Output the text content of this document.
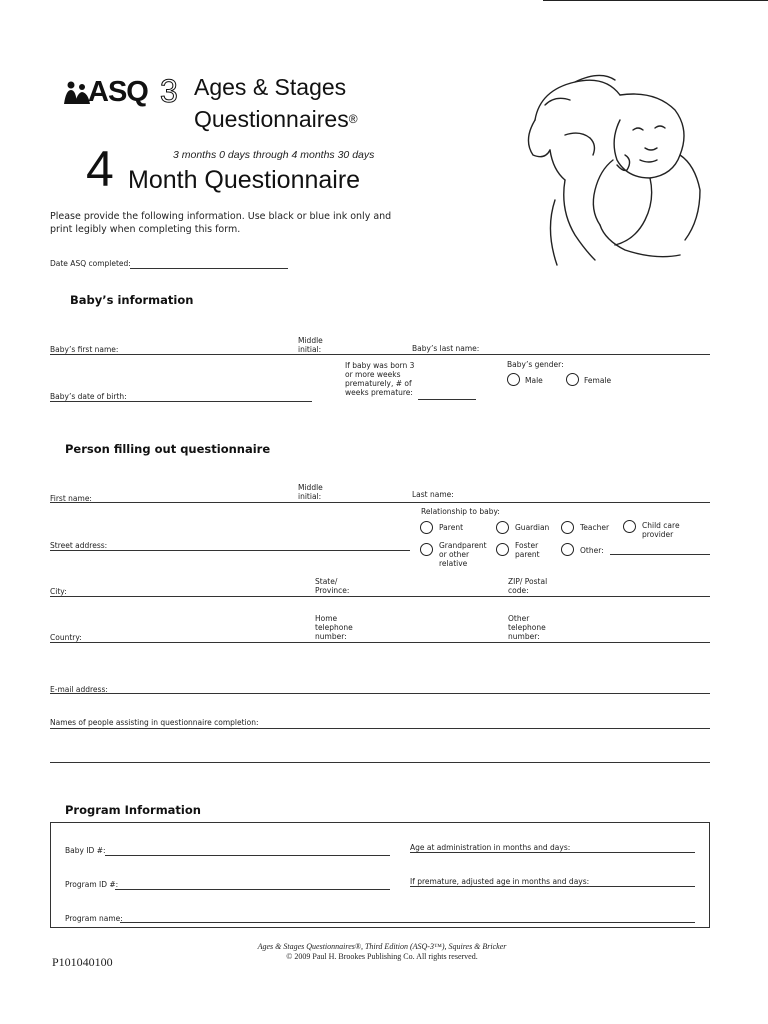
ASQ 3 Ages & Stages
Questionnaires®
4	3 months 0 days through 4 months 30 days
Month Questionnaire
Please provide the following information. Use black or blue ink only and print legibly when completing this form.
Date ASQ completed:
Baby’s information
Baby’s first name:
Middle initial:	Baby’s last name:
If baby was born 3 or more weeks prematurely, # of weeks premature:
Baby’s gender:
Male	Female
Baby’s date of birth:
Person filling out questionnaire
First name:
Middle initial:	Last name:
Relationship to baby:
Parent	Guardian	Teacher	Child care provider
Grandparent or other relative
Foster parent	Other:
Street address:
City:
State/ Province:
ZIP/ Postal code:
Country:
Home telephone number:
Other telephone number:
E-mail address:
Names of people assisting in questionnaire completion:
Program Information
Baby ID #:	Age at administration in months and days:
Program ID #:	If premature, adjusted age in months and days:
Program name:
Ages & Stages Questionnaires®, Third Edition (ASQ-3™), Squires & Bricker
© 2009 Paul H. Brookes Publishing Co. All rights reserved.
P101040100
